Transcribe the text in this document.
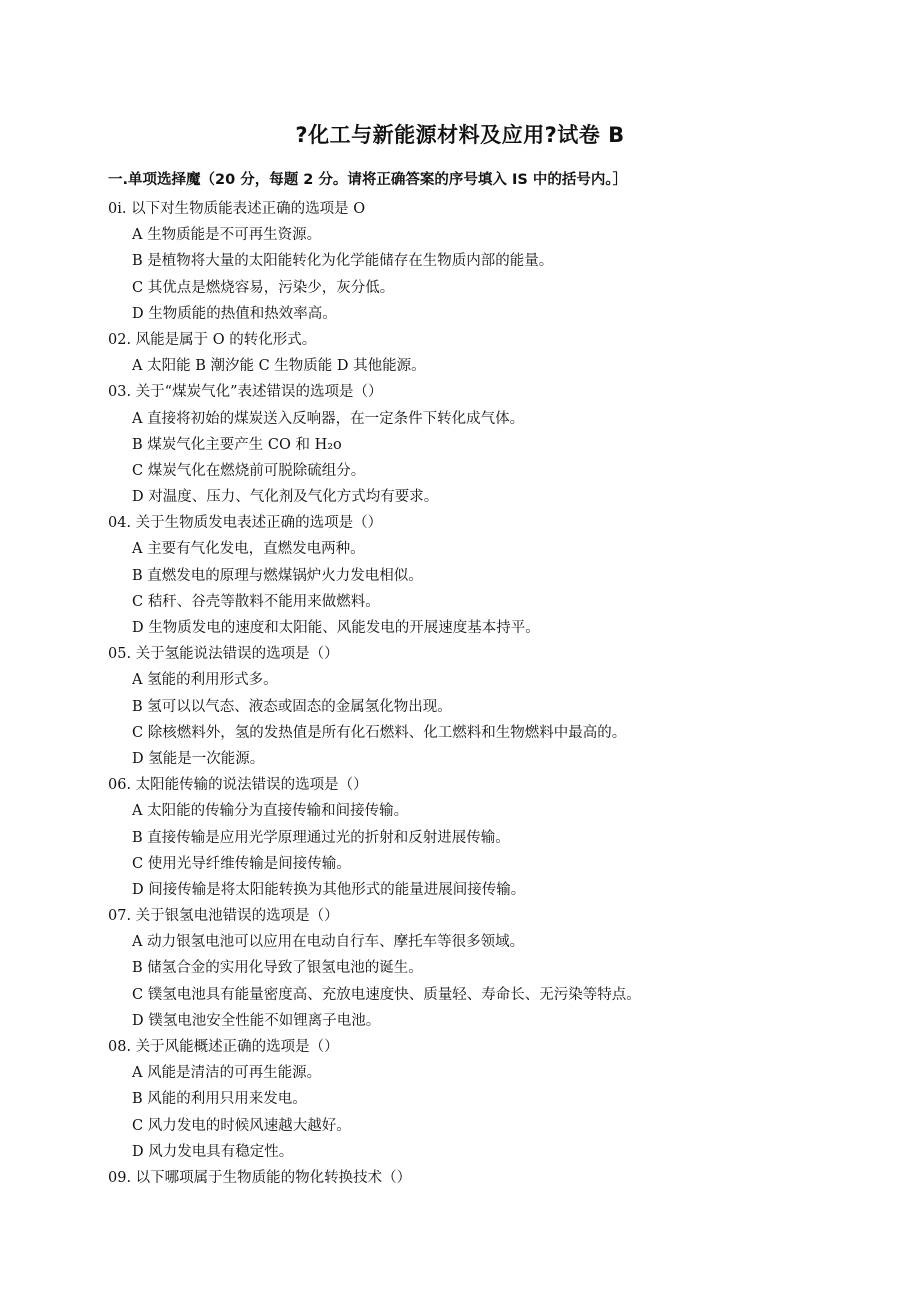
?化工与新能源材料及应用?试卷 B
一.单项选择魔（20 分，每题 2 分。请将正确答案的序号填入 IS 中的括号内。］
0i. 以下对生物质能表述正确的选项是 O
A 生物质能是不可再生资源。
B 是植物将大量的太阳能转化为化学能储存在生物质内部的能量。
C 其优点是燃烧容易，污染少，灰分低。
D 生物质能的热值和热效率高。
02. 风能是属于 O 的转化形式。
A 太阳能 B 潮汐能 C 生物质能 D 其他能源。
03. 关于“煤炭气化”表述错误的选项是（）
A 直接将初始的煤炭送入反响器，在一定条件下转化成气体。
B 煤炭气化主要产生 CO 和 H₂o
C 煤炭气化在燃烧前可脱除硫组分。
D 对温度、压力、气化剂及气化方式均有要求。
04. 关于生物质发电表述正确的选项是（）
A 主要有气化发电，直燃发电两种。
B 直燃发电的原理与燃煤锅炉火力发电相似。
C 秸秆、谷壳等散料不能用来做燃料。
D 生物质发电的速度和太阳能、风能发电的开展速度基本持平。
05. 关于氢能说法错误的选项是（）
A 氢能的利用形式多。
B 氢可以以气态、液态或固态的金属氢化物出现。
C 除核燃料外，氢的发热值是所有化石燃料、化工燃料和生物燃料中最高的。
D 氢能是一次能源。
06. 太阳能传输的说法错误的选项是（）
A 太阳能的传输分为直接传输和间接传输。
B 直接传输是应用光学原理通过光的折射和反射进展传输。
C 使用光导纤维传输是间接传输。
D 间接传输是将太阳能转换为其他形式的能量进展间接传输。
07. 关于银氢电池错误的选项是（）
A 动力银氢电池可以应用在电动自行车、摩托车等很多领域。
B 储氢合金的实用化导致了银氢电池的诞生。
C 镤氢电池具有能量密度高、充放电速度快、质量轻、寿命长、无污染等特点。
D 镤氢电池安全性能不如锂离子电池。
08. 关于风能概述正确的选项是（）
A 风能是清洁的可再生能源。
B 风能的利用只用来发电。
C 风力发电的时候风速越大越好。
D 风力发电具有稳定性。
09. 以下哪项属于生物质能的物化转换技术（）
